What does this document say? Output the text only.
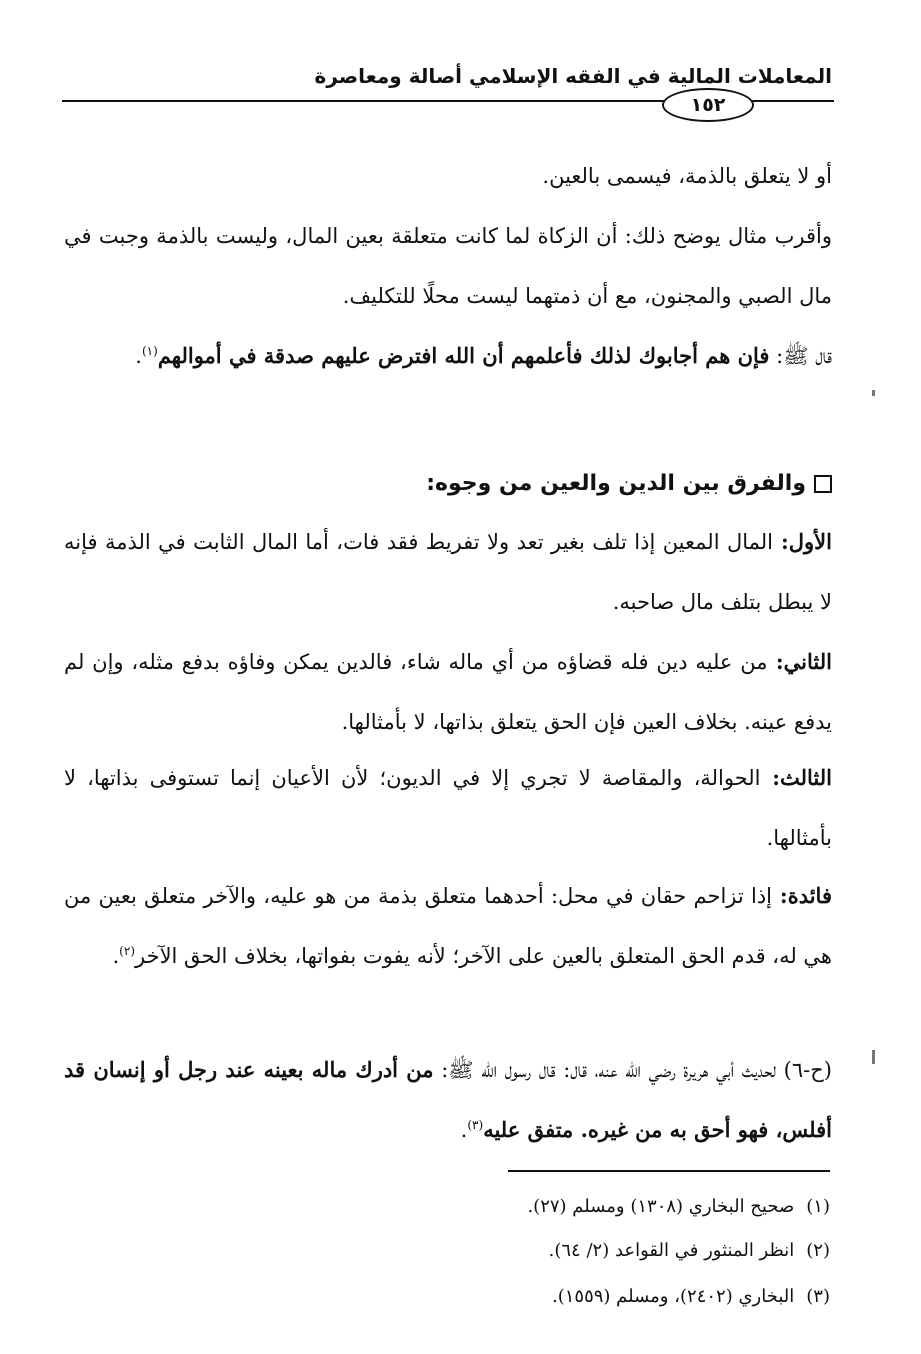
المعاملات المالية في الفقه الإسلامي أصالة ومعاصرة
١٥٢

أو لا يتعلق بالذمة، فيسمى بالعين.

وأقرب مثال يوضح ذلك: أن الزكاة لما كانت متعلقة بعين المال، وليست بالذمة وجبت في مال الصبي والمجنون، مع أن ذمتهما ليست محلًا للتكليف.

قال ﷺ: فإن هم أجابوك لذلك فأعلمهم أن الله افترض عليهم صدقة في أموالهم$^{(١)}$.

والفرق بين الدين والعين من وجوه:

الأول: المال المعين إذا تلف بغير تعد ولا تفريط فقد فات، أما المال الثابت في الذمة فإنه لا يبطل بتلف مال صاحبه.

الثاني: من عليه دين فله قضاؤه من أي ماله شاء، فالدين يمكن وفاؤه بدفع مثله، وإن لم يدفع عينه. بخلاف العين فإن الحق يتعلق بذاتها، لا بأمثالها.

الثالث: الحوالة، والمقاصة لا تجري إلا في الديون؛ لأن الأعيان إنما تستوفى بذاتها، لا بأمثالها.

فائدة: إذا تزاحم حقان في محل: أحدهما متعلق بذمة من هو عليه، والآخر متعلق بعين من هي له، قدم الحق المتعلق بالعين على الآخر؛ لأنه يفوت بفواتها، بخلاف الحق الآخر$^{(٢)}$.

(ح-٦) لحديث أبي هريرة رضي الله عنه، قال: قال رسول الله ﷺ: من أدرك ماله بعينه عند رجل أو إنسان قد أفلس، فهو أحق به من غيره. متفق عليه$^{(٣)}$.

(١)صحيح البخاري (١٣٠٨) ومسلم (٢٧).
(٢)انظر المنثور في القواعد (٢/ ٦٤).
(٣)البخاري (٢٤٠٢)، ومسلم (١٥٥٩).
